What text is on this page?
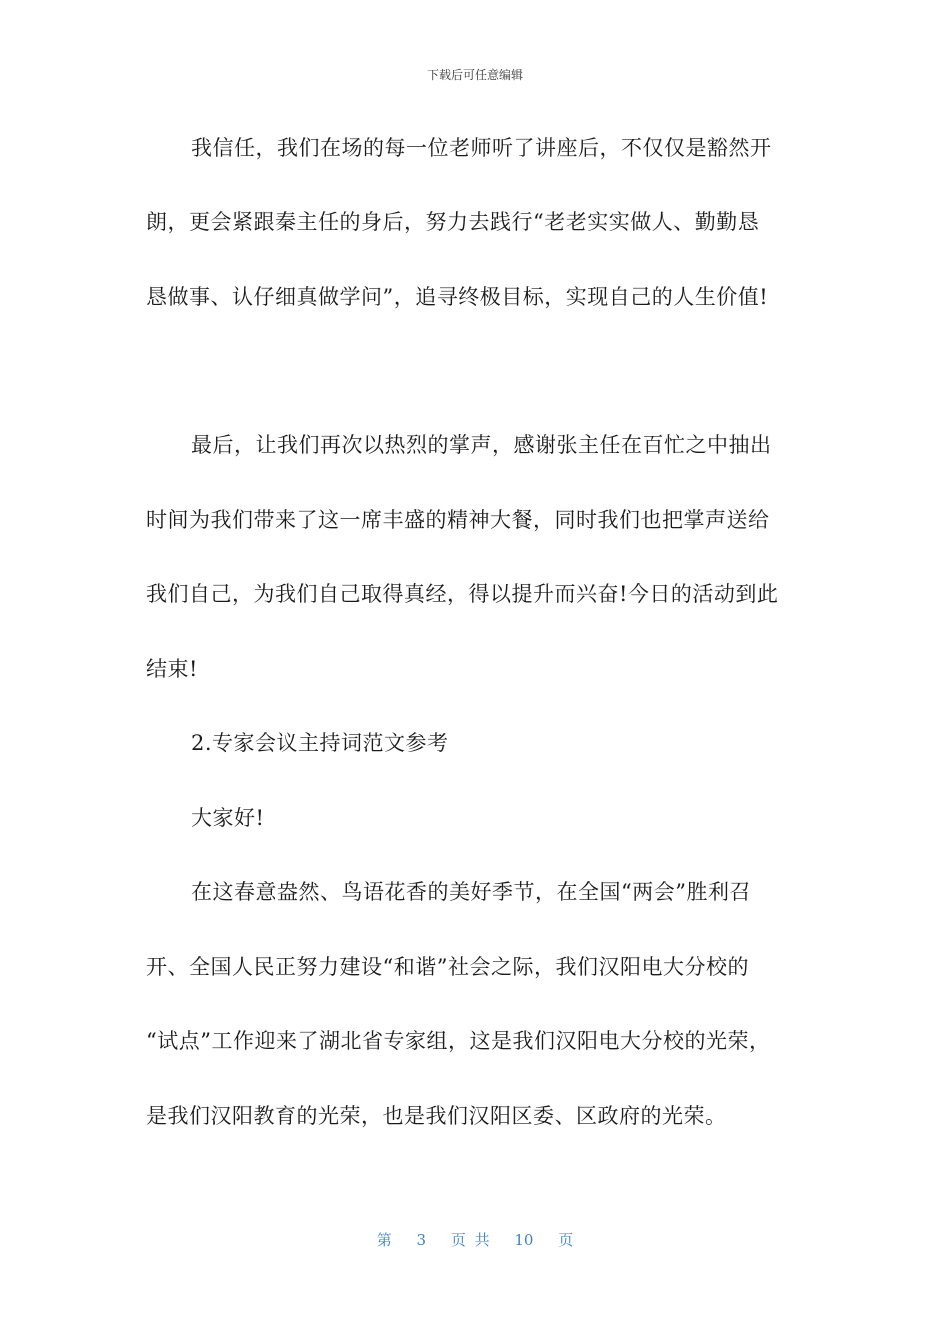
下载后可任意编辑
我信任，我们在场的每一位老师听了讲座后，不仅仅是豁然开
朗，更会紧跟秦主任的身后，努力去践行“老老实实做人、勤勤恳
恳做事、认仔细真做学问”，追寻终极目标，实现自己的人生价值!
最后，让我们再次以热烈的掌声，感谢张主任在百忙之中抽出
时间为我们带来了这一席丰盛的精神大餐，同时我们也把掌声送给
我们自己，为我们自己取得真经，得以提升而兴奋!今日的活动到此
结束!
2.专家会议主持词范文参考
大家好!
在这春意盎然、鸟语花香的美好季节，在全国“两会”胜利召
开、全国人民正努力建设“和谐”社会之际，我们汉阳电大分校的
“试点”工作迎来了湖北省专家组，这是我们汉阳电大分校的光荣，
是我们汉阳教育的光荣，也是我们汉阳区委、区政府的光荣。
第 3 页 共 10 页
